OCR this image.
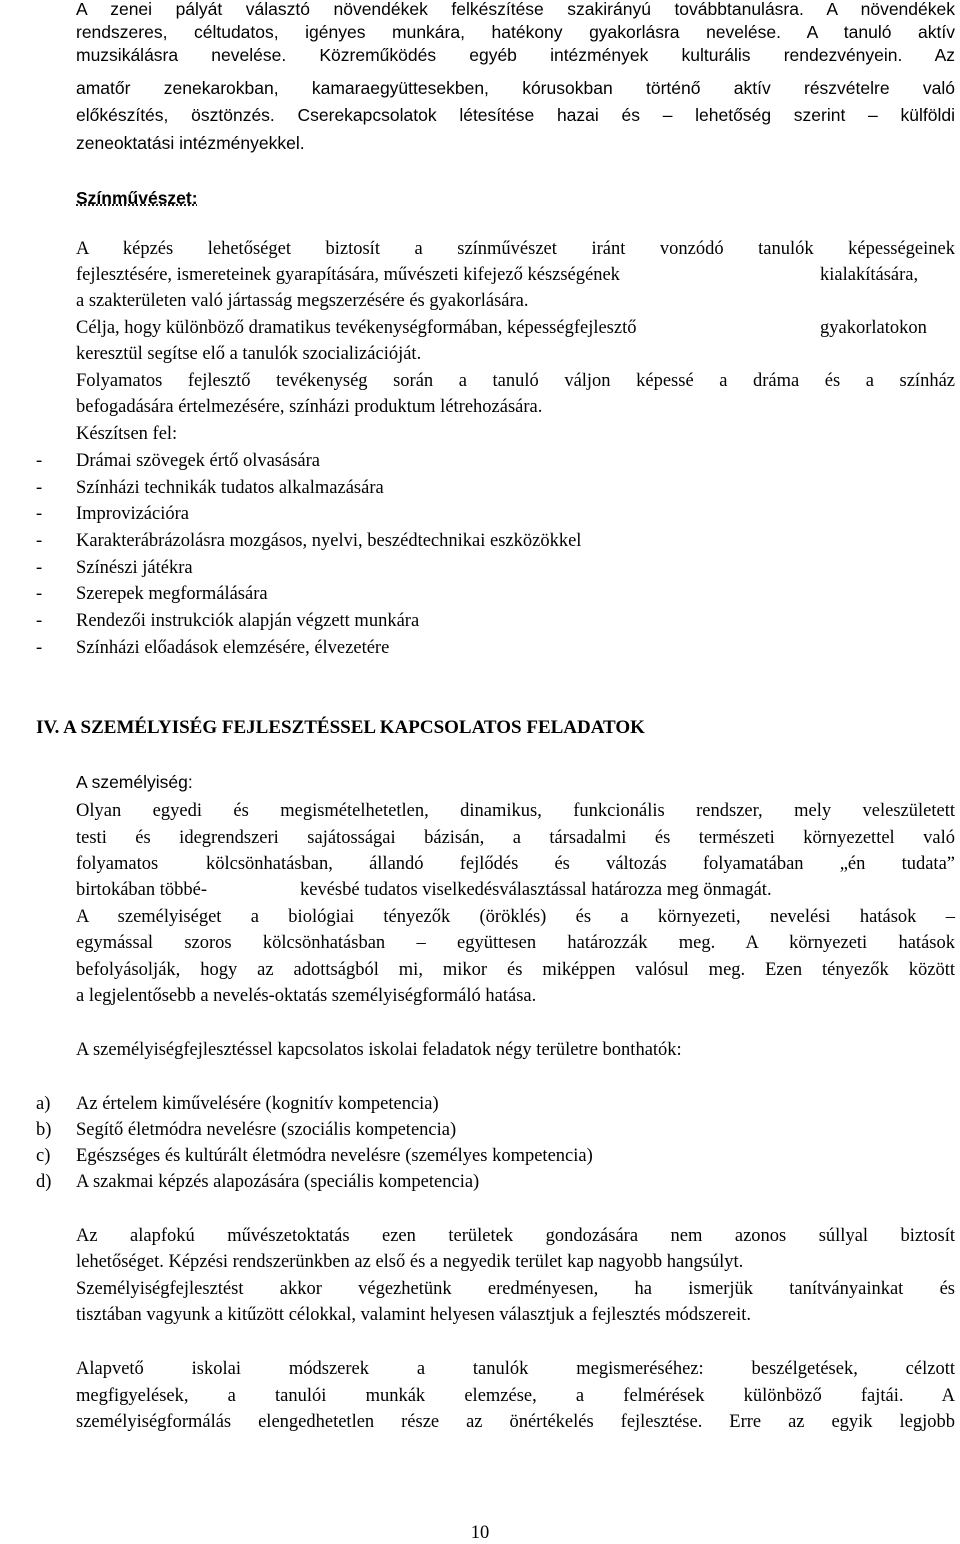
A zenei pályát választó növendékek felkészítése szakirányú továbbtanulásra. A növendékek
rendszeres, céltudatos, igényes munkára, hatékony gyakorlásra nevelése. A tanuló aktív
muzsikálásra nevelése. Közreműködés egyéb intézmények kulturális rendezvényein. Az
amatőr zenekarokban, kamaraegyüttesekben, kórusokban történő aktív részvételre való
előkészítés, ösztönzés. Cserekapcsolatok létesítése hazai és – lehetőség szerint – külföldi
zeneoktatási intézményekkel.
Színművészet:
A képzés lehetőséget biztosít a színművészet iránt vonzódó tanulók képességeinek
fejlesztésére, ismereteinek gyarapítására, művészeti kifejező készségének	kialakítására,
a szakterületen való jártasság megszerzésére és gyakorlására.
Célja, hogy különböző dramatikus tevékenységformában, képességfejlesztő	gyakorlatokon
keresztül segítse elő a tanulók szocializációját.
Folyamatos fejlesztő tevékenység során a tanuló váljon képessé a dráma és a színház
befogadására értelmezésére, színházi produktum létrehozására.
Készítsen fel:
- Drámai szövegek értő olvasására
- Színházi technikák tudatos alkalmazására
- Improvizációra
- Karakterábrázolásra mozgásos, nyelvi, beszédtechnikai eszközökkel
- Színészi játékra
- Szerepek megformálására
- Rendezői instrukciók alapján végzett munkára
- Színházi előadások elemzésére, élvezetére
IV. A SZEMÉLYISÉG FEJLESZTÉSSEL KAPCSOLATOS FELADATOK
A személyiség:
Olyan egyedi és megismételhetetlen, dinamikus, funkcionális rendszer, mely veleszületett
testi és idegrendszeri sajátosságai bázisán, a társadalmi és természeti környezettel való
folyamatos	kölcsönhatásban, állandó fejlődés és változás folyamatában „én tudata”
birtokában többé-	kevésbé tudatos viselkedésválasztással határozza meg önmagát.
A személyiséget a biológiai tényezők (öröklés) és a környezeti, nevelési hatások –
egymással szoros kölcsönhatásban – együttesen határozzák meg. A környezeti hatások
befolyásolják, hogy az adottságból mi, mikor és miképpen valósul meg. Ezen tényezők között
a legjelentősebb a nevelés-oktatás személyiségformáló hatása.
A személyiségfejlesztéssel kapcsolatos iskolai feladatok négy területre bonthatók:
a) Az értelem kiművelésére (kognitív kompetencia)
b) Segítő életmódra nevelésre (szociális kompetencia)
c) Egészséges és kultúrált életmódra nevelésre (személyes kompetencia)
d) A szakmai képzés alapozására (speciális kompetencia)
Az alapfokú művészetoktatás ezen területek gondozására nem azonos súllyal biztosít
lehetőséget. Képzési rendszerünkben az első és a negyedik terület kap nagyobb hangsúlyt.
Személyiségfejlesztést akkor végezhetünk eredményesen, ha ismerjük tanítványainkat és
tisztában vagyunk a kitűzött célokkal, valamint helyesen választjuk a fejlesztés módszereit.
Alapvető iskolai módszerek a tanulók megismeréséhez: beszélgetések, célzott
megfigyelések, a tanulói munkák elemzése, a felmérések különböző fajtái. A
személyiségformálás elengedhetetlen része az önértékelés fejlesztése. Erre az egyik legjobb
10
